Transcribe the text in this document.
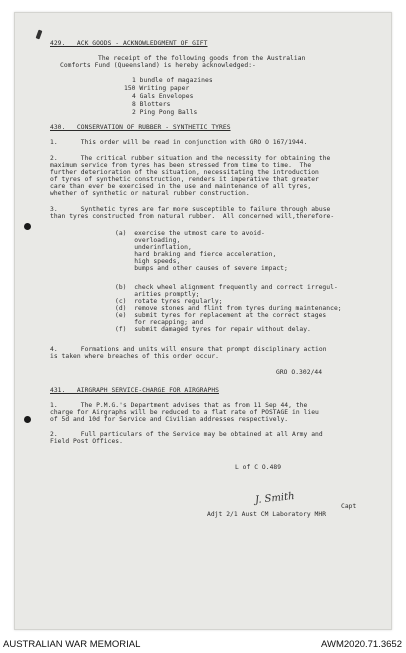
429.   ACK GOODS - ACKNOWLEDGMENT OF GIFT
The receipt of the following goods from the Australian
Comforts Fund (Queensland) is hereby acknowledged:-
1 bundle of magazines
150 Writing paper
4 Gals Envelopes
8 Blotters
2 Ping Pong Balls
430.   CONSERVATION OF RUBBER - SYNTHETIC TYRES
1.      This order will be read in conjunction with GRO O 167/1944.
2.      The critical rubber situation and the necessity for obtaining the
maximum service from tyres has been stressed from time to time.  The
further deterioration of the situation, necessitating the introduction
of tyres of synthetic construction, renders it imperative that greater
care than ever be exercised in the use and maintenance of all tyres,
whether of synthetic or natural rubber construction.
3.      Synthetic tyres are far more susceptible to failure through abuse
than tyres constructed from natural rubber.  All concerned will,therefore-
(a)  exercise the utmost care to avoid-
overloading,
underinflation,
hard braking and fierce acceleration,
high speeds,
bumps and other causes of severe impact;
(b)  check wheel alignment frequently and correct irregul-
arities promptly;
(c)  rotate tyres regularly;
(d)  remove stones and flint from tyres during maintenance;
(e)  submit tyres for replacement at the correct stages
for recapping; and
(f)  submit damaged tyres for repair without delay.
4.      Formations and units will ensure that prompt disciplinary action
is taken where breaches of this order occur.
GRO O.302/44
431.   AIRGRAPH SERVICE-CHARGE FOR AIRGRAPHS
1.      The P.M.G.'s Department advises that as from 11 Sep 44, the
charge for Airgraphs will be reduced to a flat rate of POSTAGE in lieu
of 5d and 10d for Service and Civilian addresses respectively.
2.      Full particulars of the Service may be obtained at all Army and
Field Post Offices.
L of C O.489
J. Smith
Capt
Adjt 2/1 Aust CM Laboratory MHR
AUSTRALIAN WAR MEMORIAL	AWM2020.71.3652
